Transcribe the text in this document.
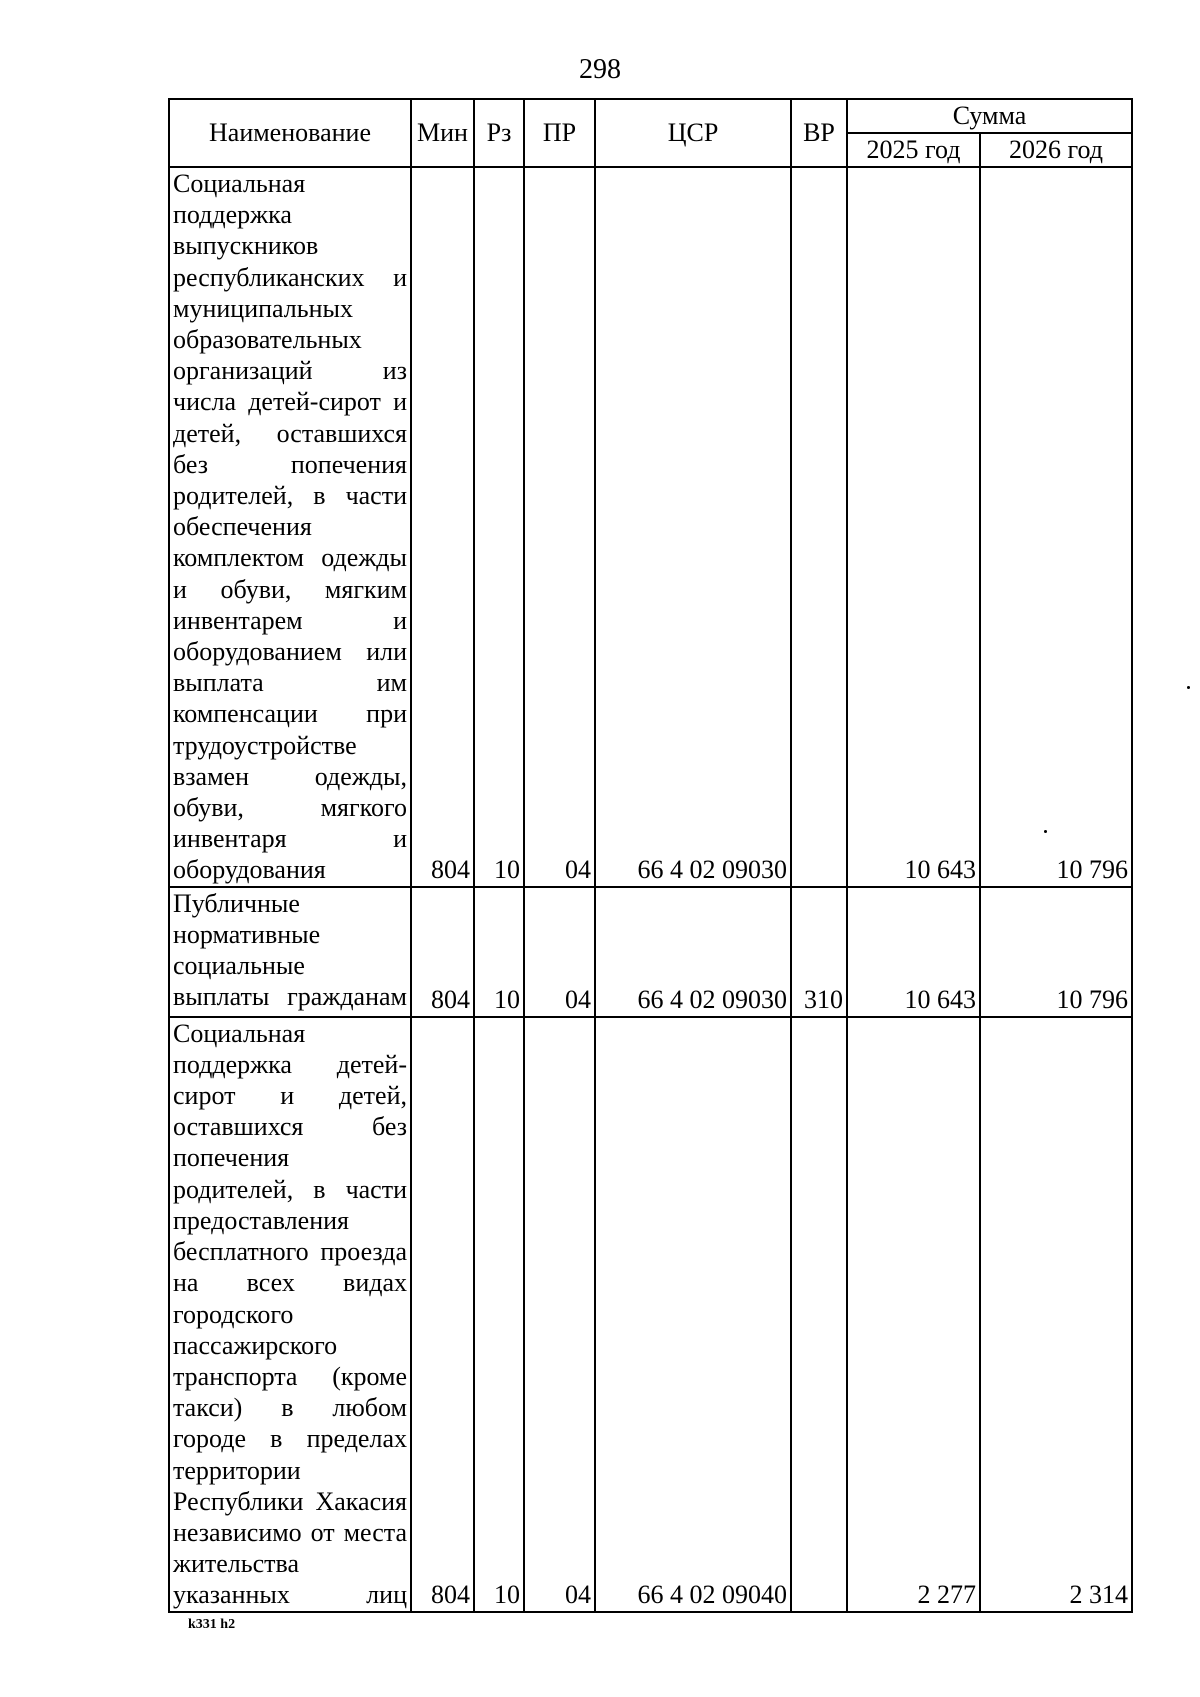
298
Наименование	Мин	Рз	ПР	ЦСР	ВР	Сумма	
						2025 год	2026 год
Социальная поддержка выпускников республиканских и муниципальных образовательных организаций из числа детей-сирот и детей, оставшихся без попечения родителей, в части обеспечения комплектом одежды и обуви, мягким инвентарем и оборудованием или выплата им компенсации при трудоустройстве взамен одежды, обуви, мягкого инвентаря и оборудования	804	10	04	66 4 02 09030		10 643	10 796
Публичные нормативные социальные выплаты гражданам	804	10	04	66 4 02 09030	310	10 643	10 796
Социальная поддержка детей-сирот и детей, оставшихся без попечения родителей, в части предоставления бесплатного проезда на всех видах городского пассажирского транспорта (кроме такси) в любом городе в пределах территории Республики Хакасия независимо от места жительства указанных лиц	804	10	04	66 4 02 09040		2 277	2 314
k331 h2
